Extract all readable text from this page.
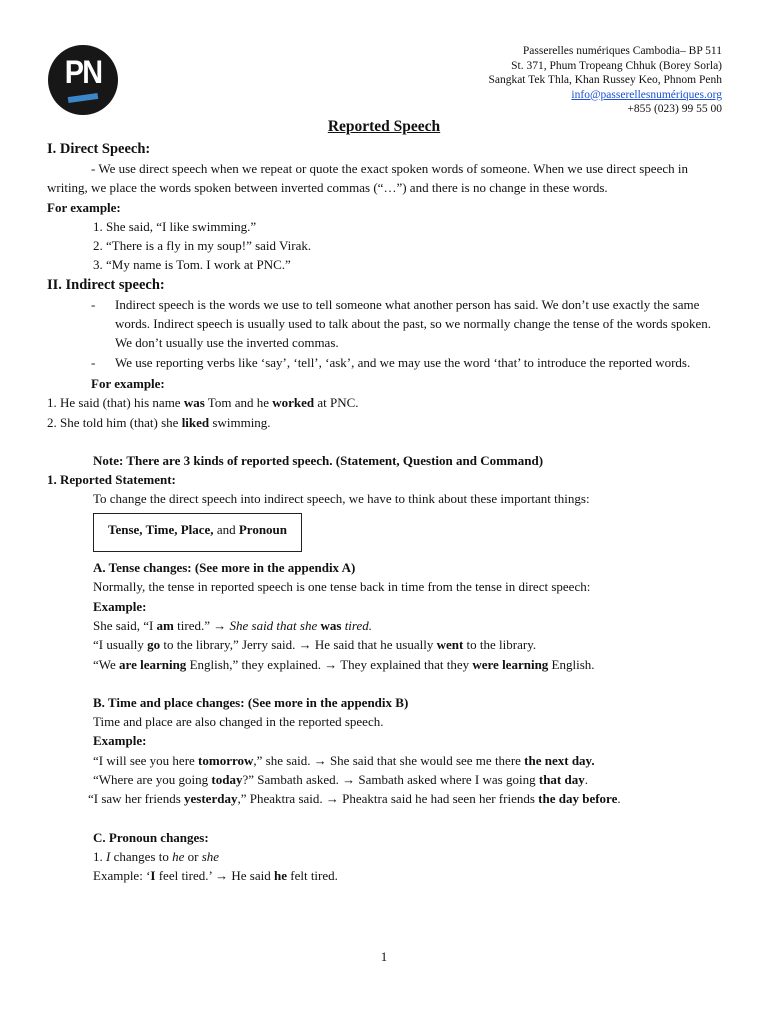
PN
Passerelles numériques Cambodia– BP 511
St. 371, Phum Tropeang Chhuk (Borey Sorla)
Sangkat Tek Thla, Khan Russey Keo, Phnom Penh
info@passerellesnumériques.org
+855 (023) 99 55 00
Reported Speech
I. Direct Speech:

- We use direct speech when we repeat or quote the exact spoken words of someone. When we use direct speech in writing, we place the words spoken between inverted commas (“…”) and there is no change in these words.

For example:
1. She said, “I like swimming.”
2. “There is a fly in my soup!” said Virak.
3. “My name is Tom. I work at PNC.”
II. Indirect speech:
-	Indirect speech is the words we use to tell someone what another person has said. We don’t use exactly the same words. Indirect speech is usually used to talk about the past, so we normally change the tense of the words spoken. We don’t usually use the inverted commas.
-	We use reporting verbs like ‘say’, ‘tell’, ‘ask’, and we may use the word ‘that’ to introduce the reported words.
For example:
1. He said (that) his name was Tom and he worked at PNC.
2. She told him (that) she liked swimming.
Note: There are 3 kinds of reported speech. (Statement, Question and Command)
1. Reported Statement:
To change the direct speech into indirect speech, we have to think about these important things:
Tense, Time, Place, and Pronoun
A. Tense changes: (See more in the appendix A)
Normally, the tense in reported speech is one tense back in time from the tense in direct speech:
Example:
She said, “I am tired.” → She said that she was tired.
“I usually go to the library,” Jerry said. → He said that he usually went to the library.
“We are learning English,” they explained. → They explained that they were learning English.
B. Time and place changes: (See more in the appendix B)
Time and place are also changed in the reported speech.
Example:
“I will see you here tomorrow,” she said. → She said that she would see me there the next day.
“Where are you going today?” Sambath asked. → Sambath asked where I was going that day.
“I saw her friends yesterday,” Pheaktra said. → Pheaktra said he had seen her friends the day before.
C. Pronoun changes:
1. I changes to he or she
Example: ‘I feel tired.’ → He said he felt tired.
1
